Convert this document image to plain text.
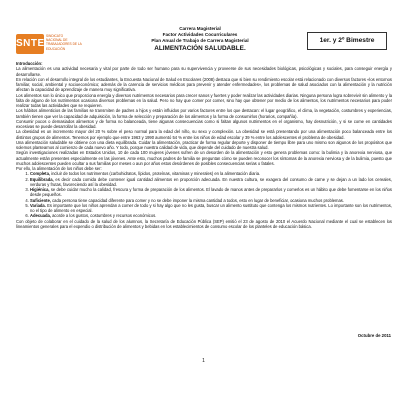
SNTE
SINDICATO
NACIONAL DE
TRABAJADORES DE LA
EDUCACIÓN
Carrera Magisterial
Factor Actividades Cocurriculares
Plan Anual de Trabajo de Carrera Magisterial
ALIMENTACIÓN SALUDABLE.
1er. y 2º Bimestre

Introducción:

La alimentación es una actividad necesaria y vital por parte de todo ser humano para su supervivencia y proveerse de sus necesidades biológicas, psicológicas y sociales, para conseguir energía y desarrollarse.

En relación con el desarrollo integral de los estudiantes, la Encuesta Nacional de Salud en Escolares (2008) destaca que si bien su rendimiento escolar está relacionado con diversos factores «los entornos familiar, social, ambiental y socioeconómico; además de la carencia de servicios médicos para prevenir y atender enfermedades», los problemas de salud asociados con la alimentación y la nutrición afectan la capacidad de aprendizaje de manera muy significativa.

Los alimentos son lo único que proporciona energía y diversos nutrimentos necesarios para crecer sanos y fuertes y poder realizar las actividades diarias. Ninguna persona logra sobrevivir sin alimento y la falta de alguno de los nutrimentos ocasiona diversos problemas en la salud. Pero no hay que comer por comer, sino hay que obtener por medio de los alimentos, los nutrimentos necesarios para poder realizar todas las actividades que se requieren.

Los hábitos alimenticios de las familias se transmiten de padres a hijos y están influidos por varios factores entre los que destacan: el lugar geográfico, el clima, la vegetación, costumbres y experiencias, también tienen que ver la capacidad de adquisición, la forma de selección y preparación de los alimentos y la forma de consumirlos (horarios, compañía).

Consumir pocos o demasiados alimentos y de forma no balanceada, tiene algunas consecuencias como si faltan algunos nutrimentos en el organismo, hay desnutrición, y si se come en cantidades excesivas se puede desarrollar la obesidad.

La obesidad es un incremento mayor del 20 % sobre el peso normal para la edad del niño, su sexo y complexión. La obesidad se está presentando por una alimentación poco balanceada entre los distintos grupos de alimentos. Tenemos por ejemplo que entre 1963 y 1990 aumentó 54 % entre los niños de edad escolar y 39 % entre los adolescentes el problema de obesidad.

Una alimentación saludable se obtiene con una dieta equilibrada. Cuidar la alimentación, practicar de forma regular deporte y disponer de tiempo libre para uno mismo son algunos de los propósitos que solemos plantearnos al comienzo de cada nuevo año. Y todo, porque nuestra calidad de vida, que depende del cuidado de nuestra salud.

Según investigaciones realizadas en Estados Unidos, 10 de cada 100 mujeres jóvenes sufren de un desorden de la alimentación y esto genera problemas como: la bulimia y la anorexia nerviosa, que actualmente están presentes especialmente en las jóvenes. Ante esto, muchos padres de familia se preguntan cómo se pueden reconocer los síntomas de la anorexia nerviosa y de la bulimia, puesto que muchos adolescentes pueden ocultar a sus familias por meses o aun por años estos desórdenes de posibles consecuencias serias o fatales.

Por ello, la alimentación de los niños debe ser:

1. Completa, incluir de todos los nutrimentos (carbohidratos, lípidos, proteínas, vitaminas y minerales) en la alimentación diaria.
2. Equilibrada, es decir cada comida debe contener igual cantidad alimentos en proporción adecuada. En nuestra cultura, se exagera del consumo de carne y se dejan a un lado los cereales, verduras y frutas, favoreciendo así la obesidad.
3. Higiénica, se debe cuidar mucho la calidad, frescura y forma de preparación de los alimentos. El lavado de manos antes de prepararlos y comerlos es un hábito que debe fomentarse en los niños desde pequeños.
4. Suficiente, cada persona tiene capacidad diferente para comer y no se debe imponer la misma cantidad a todos, esto en lugar de beneficiar, ocasiona muchos problemas.
5. Variada. Es importante que los niños aprendan a comer de todo y si hay algo que no les gusta, buscar un alimento sustituto que contenga los mismos nutrientes. Lo importante son los nutrimentos, no el tipo de alimento en especial.
6. Adecuada, acorde a los gustos, costumbres y recursos económicos.

Con objeto de colaborar en el cuidado de la salud de los alumnos, la Secretaría de Educación Pública (SEP) emitió el 23 de agosto de 2010 el Acuerdo Nacional mediante el cual se establecen los lineamientos generales para el expendio o distribución de alimentos y bebidas en los establecimientos de consumo escolar de los planteles de educación básica.

Octubre de 2011
1
